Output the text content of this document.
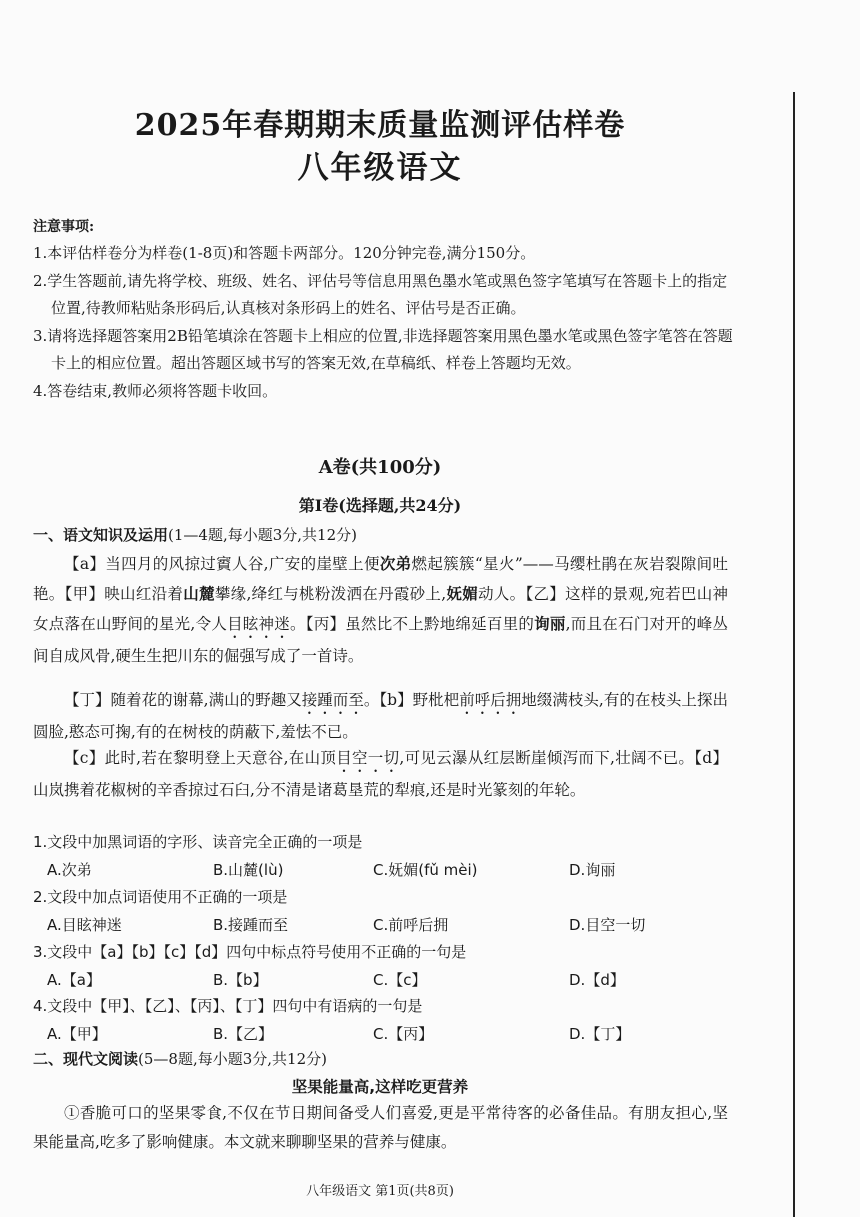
2025年春期期末质量监测评估样卷
八年级语文
注意事项:
1.本评估样卷分为样卷(1-8页)和答题卡两部分。120分钟完卷,满分150分。
2.学生答题前,请先将学校、班级、姓名、评估号等信息用黑色墨水笔或黑色签字笔填写在答题卡上的指定位置,待教师粘贴条形码后,认真核对条形码上的姓名、评估号是否正确。
3.请将选择题答案用2B铅笔填涂在答题卡上相应的位置,非选择题答案用黑色墨水笔或黑色签字笔答在答题卡上的相应位置。超出答题区域书写的答案无效,在草稿纸、样卷上答题均无效。
4.答卷结束,教师必须将答题卡收回。
A卷(共100分)
第Ⅰ卷(选择题,共24分)
一、语文知识及运用(1—4题,每小题3分,共12分)

【a】当四月的风掠过賨人谷,广安的崖壁上便次弟燃起簇簇“星火”——马缨杜鹃在灰岩裂隙间吐艳。【甲】映山红沿着山麓攀缘,绛红与桃粉泼洒在丹霞砂上,妩媚动人。【乙】这样的景观,宛若巴山神女点落在山野间的星光,令人目眩神迷。【丙】虽然比不上黔地绵延百里的询丽,而且在石门对开的峰丛间自成风骨,硬生生把川东的倔强写成了一首诗。

【丁】随着花的谢幕,满山的野趣又接踵而至。【b】野枇杷前呼后拥地缀满枝头,有的在枝头上探出圆脸,憨态可掬,有的在树枝的荫蔽下,羞怯不已。

【c】此时,若在黎明登上天意谷,在山顶目空一切,可见云瀑从红层断崖倾泻而下,壮阔不已。【d】山岚携着花椒树的辛香掠过石臼,分不清是诸葛垦荒的犁痕,还是时光篆刻的年轮。

1.文段中加黑词语的字形、读音完全正确的一项是
A.次弟	B.山麓(lù)	C.妩媚(fǔ mèi)	D.询丽
2.文段中加点词语使用不正确的一项是
A.目眩神迷	B.接踵而至	C.前呼后拥	D.目空一切
3.文段中【a】【b】【c】【d】四句中标点符号使用不正确的一句是
A.【a】	B.【b】	C.【c】	D.【d】
4.文段中【甲】、【乙】、【丙】、【丁】四句中有语病的一句是
A.【甲】	B.【乙】	C.【丙】	D.【丁】
二、现代文阅读(5—8题,每小题3分,共12分)
坚果能量高,这样吃更营养

①香脆可口的坚果零食,不仅在节日期间备受人们喜爱,更是平常待客的必备佳品。有朋友担心,坚果能量高,吃多了影响健康。本文就来聊聊坚果的营养与健康。

八年级语文 第1页(共8页)
